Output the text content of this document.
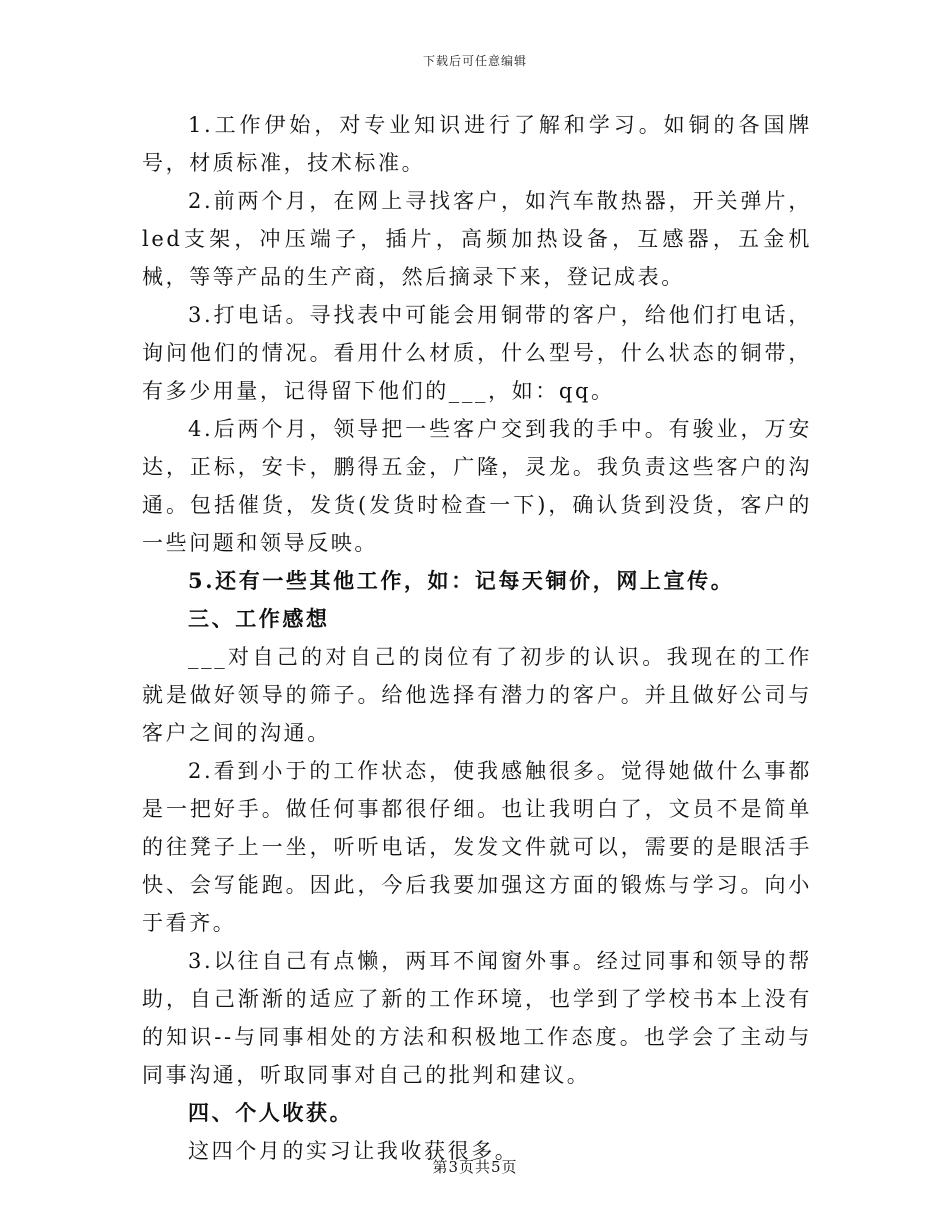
下载后可任意编辑

1.工作伊始，对专业知识进行了解和学习。如铜的各国牌号，材质标准，技术标准。

2.前两个月，在网上寻找客户，如汽车散热器，开关弹片，led支架，冲压端子，插片，高频加热设备，互感器，五金机械，等等产品的生产商，然后摘录下来，登记成表。

3.打电话。寻找表中可能会用铜带的客户，给他们打电话，询问他们的情况。看用什么材质，什么型号，什么状态的铜带，有多少用量，记得留下他们的___，如：qq。

4.后两个月，领导把一些客户交到我的手中。有骏业，万安达，正标，安卡，鹏得五金，广隆，灵龙。我负责这些客户的沟通。包括催货，发货(发货时检查一下)，确认货到没货，客户的一些问题和领导反映。

5.还有一些其他工作，如：记每天铜价，网上宣传。

三、工作感想

___对自己的对自己的岗位有了初步的认识。我现在的工作就是做好领导的筛子。给他选择有潜力的客户。并且做好公司与客户之间的沟通。

2.看到小于的工作状态，使我感触很多。觉得她做什么事都是一把好手。做任何事都很仔细。也让我明白了，文员不是简单的往凳子上一坐，听听电话，发发文件就可以，需要的是眼活手快、会写能跑。因此，今后我要加强这方面的锻炼与学习。向小于看齐。

3.以往自己有点懒，两耳不闻窗外事。经过同事和领导的帮助，自己渐渐的适应了新的工作环境，也学到了学校书本上没有的知识--与同事相处的方法和积极地工作态度。也学会了主动与同事沟通，听取同事对自己的批判和建议。

四、个人收获。

这四个月的实习让我收获很多。

第3页共5页
